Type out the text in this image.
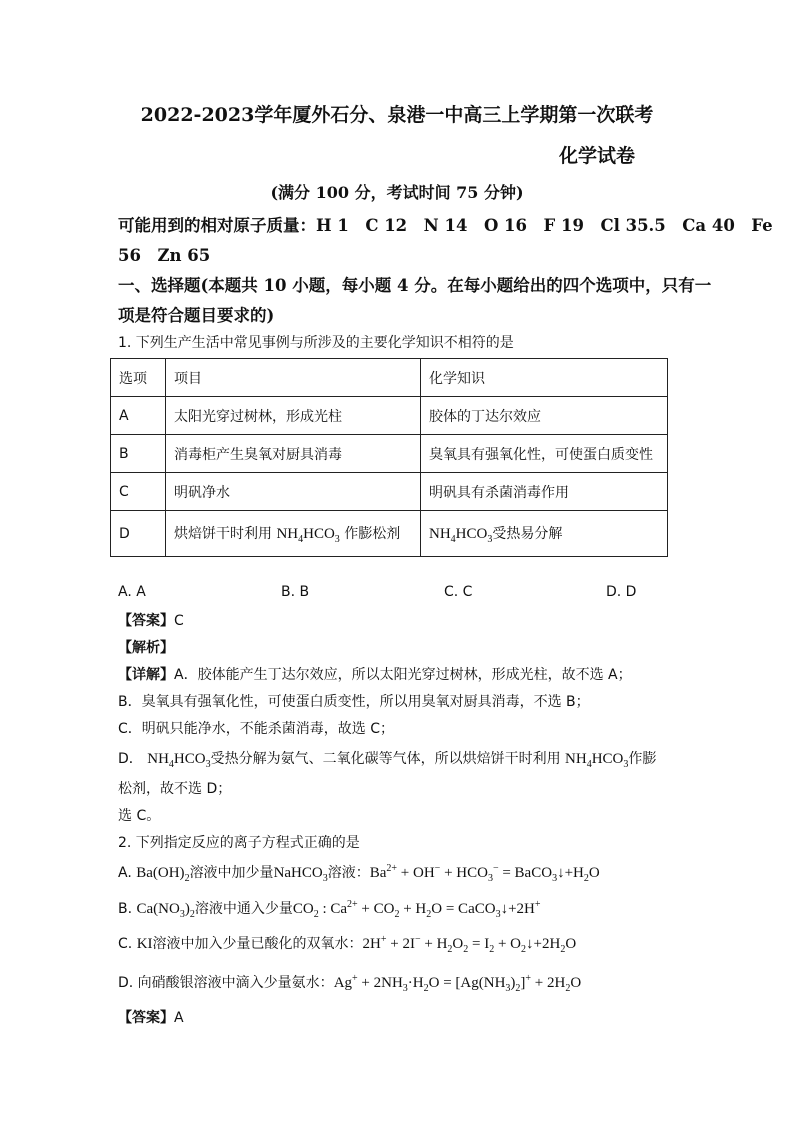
2022-2023学年厦外石分、泉港一中高三上学期第一次联考
化学试卷
(满分 100 分，考试时间 75 分钟)
可能用到的相对原子质量：H 1　C 12　N 14　O 16　F 19　Cl 35.5　Ca 40　Fe
56　Zn 65
一、选择题(本题共 10 小题，每小题 4 分。在每小题给出的四个选项中，只有一
项是符合题目要求的)
1. 下列生产生活中常见事例与所涉及的主要化学知识不相符的是
选项	项目	化学知识
A	太阳光穿过树林，形成光柱	胶体的丁达尔效应
B	消毒柜产生臭氧对厨具消毒	臭氧具有强氧化性，可使蛋白质变性
C	明矾净水	明矾具有杀菌消毒作用
D	烘焙饼干时利用 $NH_4HCO_3$ 作膨松剂	$NH_4HCO_3$受热易分解
A. A	B. B	C. C	D. D
【答案】C
【解析】
【详解】A．胶体能产生丁达尔效应，所以太阳光穿过树林，形成光柱，故不选 A；
B．臭氧具有强氧化性，可使蛋白质变性，所以用臭氧对厨具消毒，不选 B；
C．明矾只能净水，不能杀菌消毒，故选 C；
D． $NH_4HCO_3$受热分解为氨气、二氧化碳等气体，所以烘焙饼干时利用 $NH_4HCO_3$作膨
松剂，故不选 D；
选 C。
2. 下列指定反应的离子方程式正确的是
A. $Ba(OH)_2$溶液中加少量NaHCO$_3$溶液：$Ba^{2+} + OH^- + HCO_3^-$ = $BaCO_3↓+H_2O$
B. $Ca(NO_3)_2$溶液中通入少量$CO_2$ : $Ca^{2+} + CO_2 + H_2O$ = CaCO$_3$↓+2H+
C. KI溶液中加入少量已酸化的双氧水：$2H^+ + 2I^- + H_2O_2 = I_2$ + $O_2↓+2H_2O$
D. 向硝酸银溶液中滴入少量氨水：$Ag^+ + 2NH_3\cdot H_2O = [Ag(NH_3)_2]^+ + 2H_2O$
【答案】A
